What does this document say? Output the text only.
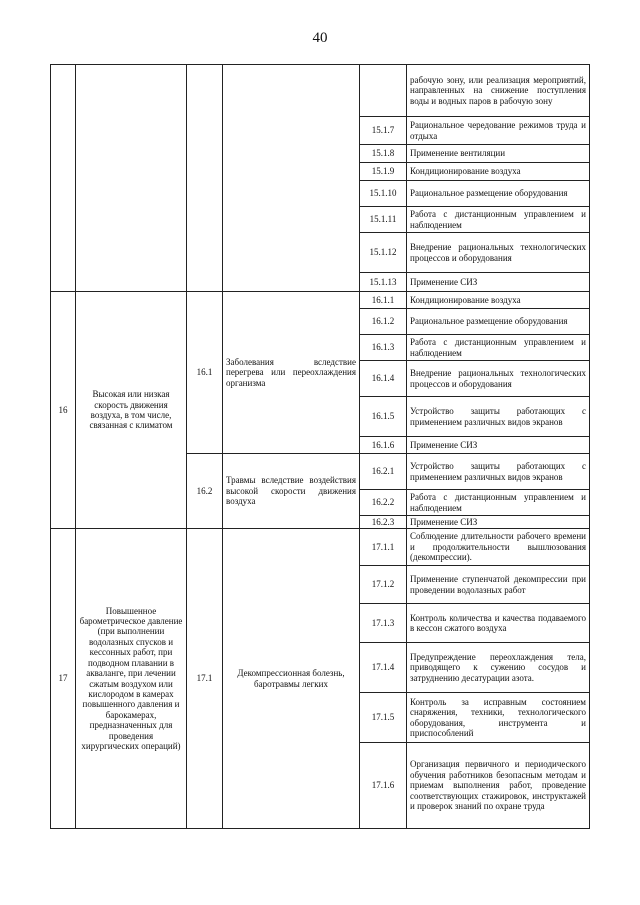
40
					рабочую зону, или реализация мероприятий, направленных на снижение поступления воды и водных паров в рабочую зону
				15.1.7	Рациональное чередование режимов труда и отдыха
				15.1.8	Применение вентиляции
				15.1.9	Кондиционирование воздуха
				15.1.10	Рациональное размещение оборудования
				15.1.11	Работа с дистанционным управлением и наблюдением
				15.1.12	Внедрение рациональных технологических процессов и оборудования
				15.1.13	Применение СИЗ
16	Высокая или низкая скорость движения воздуха, в том числе, связанная с климатом	16.1	Заболевания вследствие перегрева или переохлаждения организма	16.1.1	Кондиционирование воздуха
				16.1.2	Рациональное размещение оборудования
				16.1.3	Работа с дистанционным управлением и наблюдением
				16.1.4	Внедрение рациональных технологических процессов и оборудования
				16.1.5	Устройство защиты работающих с применением различных видов экранов
				16.1.6	Применение СИЗ
		16.2	Травмы вследствие воздействия высокой скорости движения воздуха	16.2.1	Устройство защиты работающих с применением различных видов экранов
				16.2.2	Работа с дистанционным управлением и наблюдением
				16.2.3	Применение СИЗ
17	Повышенное барометрическое давление (при выполнении водолазных спусков и кессонных работ, при подводном плавании в акваланге, при лечении сжатым воздухом или кислородом в камерах повышенного давления и барокамерах, предназначенных для проведения хирургических операций)	17.1	Декомпрессионная болезнь, баротравмы легких	17.1.1	Соблюдение длительности рабочего времени и продолжительности вышлюзования (декомпрессии).
				17.1.2	Применение ступенчатой декомпрессии при проведении водолазных работ
				17.1.3	Контроль количества и качества подаваемого в кессон сжатого воздуха
				17.1.4	Предупреждение переохлаждения тела, приводящего к сужению сосудов и затруднению десатурации азота.
				17.1.5	Контроль за исправным состоянием снаряжения, техники, технологического оборудования, инструмента и приспособлений
				17.1.6	Организация первичного и периодического обучения работников безопасным методам и приемам выполнения работ, проведение соответствующих стажировок, инструктажей и проверок знаний по охране труда
